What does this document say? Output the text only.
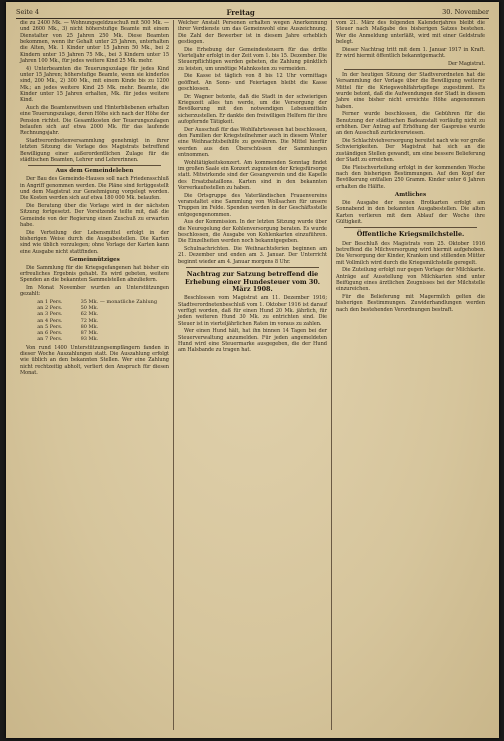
Seite 4	Freitag	30. November

die zu 2400 Mk. — Wohnungsgeldzuschuß mit 500 Mk. — und 2600 Mk., 3) nicht höherstufige Beamte mit einem Dienstalter von 25 Jahren 250 Mk. Diese Beamten bekommen, wenn ihr Gehalt unter 25 Jahren, unterhalten die Alten, Mk. 1 Kinder unter 15 Jahren 50 Mk., bei 2 Kindern unter 15 Jahren 75 Mk., bei 3 Kindern unter 15 Jahren 100 Mk., für jedes weitere Kind 25 Mk. mehr.

4) Unterbeamten die Teuerungszulage für jedes Kind unter 15 Jahren; höherstufige Beamte, wenn sie kinderlos sind, 200 Mk., 2) 300 Mk., mit einem Kinde bis zu 1200 Mk.; an jedes weitere Kind 25 Mk. mehr. Beamte, die Kinder unter 15 Jahren erhalten, Mk. für jedes weitere Kind.

Auch die Beamtenwitwen und Hinterbliebenen erhalten eine Teuerungszulage, deren Höhe sich nach der Höhe der Pension richtet. Die Gesamtkosten der Teuerungszulagen belaufen sich auf etwa 2000 Mk. für das laufende Rechnungsjahr.

Stadtverordnetenversammlung genehmigt in ihrer letzten Sitzung die Vorlage des Magistrats betreffend Bewilligung einer außerordentlichen Zulage für die städtischen Beamten, Lehrer und Lehrerinnen.

Aus dem Gemeindeleben

Der Bau des Gemeinde-Hauses soll nach Friedensschluß in Angriff genommen werden. Die Pläne sind fertiggestellt und dem Magistrat zur Genehmigung vorgelegt worden. Die Kosten werden sich auf etwa 180 000 Mk. belaufen.

Die Beratung über die Vorlage wird in der nächsten Sitzung fortgesetzt. Der Vorsitzende teilte mit, daß die Gemeinde von der Regierung einen Zuschuß zu erwarten habe.

Die Verteilung der Lebensmittel erfolgt in der bisherigen Weise durch die Ausgabestellen. Die Karten sind wie üblich vorzulegen; ohne Vorlage der Karten kann eine Ausgabe nicht stattfinden.

Gemeinnütziges

Die Sammlung für die Kriegsgefangenen hat bisher ein erfreuliches Ergebnis gehabt. Es wird gebeten, weitere Spenden an die bekannten Sammelstellen abzuliefern.

Im Monat November wurden an Unterstützungen gezahlt:

an 1 Pers.	35 Mk. — monatliche Zahlung
an 2 Pers.	50 Mk.
an 3 Pers.	62 Mk.
an 4 Pers.	72 Mk.
an 5 Pers.	80 Mk.
an 6 Pers.	87 Mk.
an 7 Pers.	93 Mk.

Von rund 1400 Unterstützungsempfängern fanden in dieser Woche Auszahlungen statt. Die Auszahlung erfolgt wie üblich an den bekannten Stellen. Wer eine Zahlung nicht rechtzeitig abholt, verliert den Anspruch für diesen Monat.

Welcher Anstalt Personen erhalten wegen Anerkennung ihrer Verdienste um das Gemeinwohl eine Auszeichnung. Die Zahl der Bewerber ist in diesem Jahre erheblich gestiegen.

Die Erhebung der Gemeindesteuern für das dritte Vierteljahr erfolgt in der Zeit vom 1. bis 15. Dezember. Die Steuerpflichtigen werden gebeten, die Zahlung pünktlich zu leisten, um unnötige Mahnkosten zu vermeiden.

Die Kasse ist täglich von 8 bis 12 Uhr vormittags geöffnet. An Sonn- und Feiertagen bleibt die Kasse geschlossen.

Dr. Wagner betonte, daß die Stadt in der schwierigen Kriegszeit alles tun werde, um die Versorgung der Bevölkerung mit den notwendigen Lebensmitteln sicherzustellen. Er dankte den freiwilligen Helfern für ihre aufopfernde Tätigkeit.

Der Ausschuß für das Wohlfahrtswesen hat beschlossen, den Familien der Kriegsteilnehmer auch in diesem Winter eine Weihnachtsbeihilfe zu gewähren. Die Mittel hierfür werden aus den Überschüssen der Sammlungen entnommen.

Wohltätigkeitskonzert. Am kommenden Sonntag findet im großen Saale ein Konzert zugunsten der Kriegsfürsorge statt. Mitwirkende sind der Gesangverein und die Kapelle des Ersatzbataillons. Karten sind in den bekannten Vorverkaufsstellen zu haben.

Die Ortsgruppe des Vaterländischen Frauenvereins veranstaltet eine Sammlung von Wollsachen für unsere Truppen im Felde. Spenden werden in der Geschäftsstelle entgegengenommen.

Aus der Kommission. In der letzten Sitzung wurde über die Neuregelung der Kohlenversorgung beraten. Es wurde beschlossen, die Ausgabe von Kohlenkarten einzuführen. Die Einzelheiten werden noch bekanntgegeben.

Schulnachrichten. Die Weihnachtsferien beginnen am 21. Dezember und enden am 3. Januar. Der Unterricht beginnt wieder am 4. Januar morgens 8 Uhr.

Nachtrag zur Satzung betreffend die Erhebung einer Hundesteuer vom 30. März 1908.

Beschlossen vom Magistrat am 11. Dezember 1916; Stadtverordnetenbeschluß vom 1. Oktober 1916 ist darauf verfügt worden, daß für einen Hund 20 Mk. jährlich, für jeden weiteren Hund 30 Mk. zu entrichten sind. Die Steuer ist in vierteljährlichen Raten im voraus zu zahlen.

Wer einen Hund hält, hat ihn binnen 14 Tagen bei der Steuerverwaltung anzumelden. Für jeden angemeldeten Hund wird eine Steuermarke ausgegeben, die der Hund am Halsbande zu tragen hat.

vom 21. März des folgenden Kalenderjahres bleibt die Steuer nach Maßgabe des bisherigen Satzes bestehen. Wer die Anmeldung unterläßt, wird mit einer Geldstrafe belegt.

Dieser Nachtrag tritt mit dem 1. Januar 1917 in Kraft. Er wird hiermit öffentlich bekanntgemacht.

Der Magistrat.

In der heutigen Sitzung der Stadtverordneten hat die Versammlung der Vorlage über die Bewilligung weiterer Mittel für die Kriegswohlfahrtspflege zugestimmt. Es wurde betont, daß die Aufwendungen der Stadt in diesem Jahre eine bisher nicht erreichte Höhe angenommen haben.

Ferner wurde beschlossen, die Gebühren für die Benutzung der städtischen Badeanstalt vorläufig nicht zu erhöhen. Der Antrag auf Erhöhung der Gaspreise wurde an den Ausschuß zurückverwiesen.

Die Schlachtviehversorgung bereitet nach wie vor große Schwierigkeiten. Der Magistrat hat sich an die zuständigen Stellen gewandt, um eine bessere Belieferung der Stadt zu erreichen.

Die Fleischverteilung erfolgt in der kommenden Woche nach den bisherigen Bestimmungen. Auf den Kopf der Bevölkerung entfallen 250 Gramm. Kinder unter 6 Jahren erhalten die Hälfte.

Amtliches

Die Ausgabe der neuen Brotkarten erfolgt am Sonnabend in den bekannten Ausgabestellen. Die alten Karten verlieren mit dem Ablauf der Woche ihre Gültigkeit.

Öffentliche Kriegsmilchstelle.

Der Beschluß des Magistrats vom 25. Oktober 1916 betreffend die Milchversorgung wird hiermit aufgehoben. Die Versorgung der Kinder, Kranken und stillenden Mütter mit Vollmilch wird durch die Kriegsmilchstelle geregelt.

Die Zuteilung erfolgt nur gegen Vorlage der Milchkarte. Anträge auf Ausstellung von Milchkarten sind unter Beifügung eines ärztlichen Zeugnisses bei der Milchstelle einzureichen.

Für die Belieferung mit Magermilch gelten die bisherigen Bestimmungen. Zuwiderhandlungen werden nach den bestehenden Verordnungen bestraft.
